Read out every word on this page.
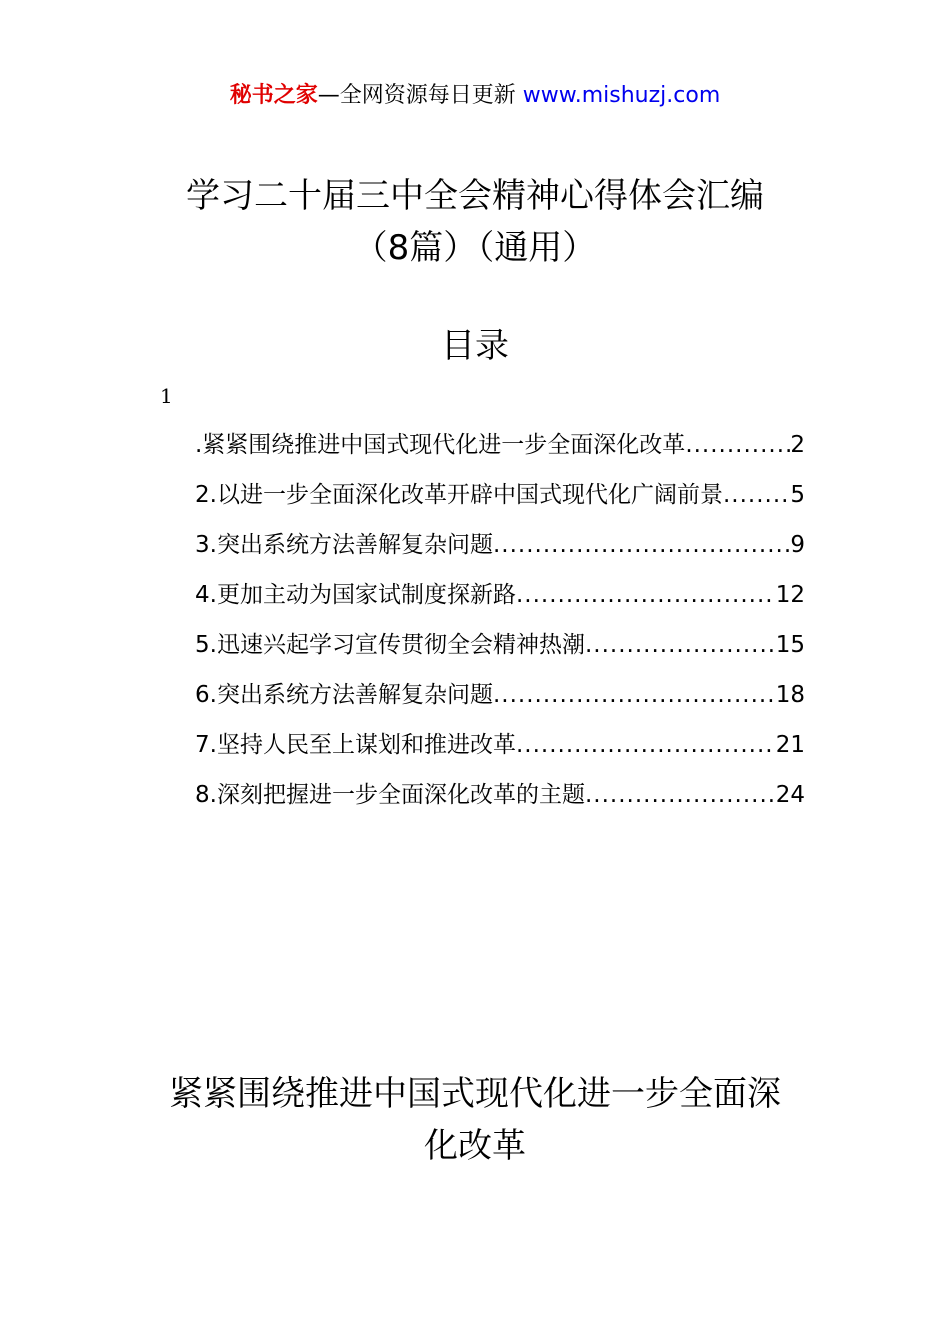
秘书之家—全网资源每日更新 www.mishuzj.com
学习二十届三中全会精神心得体会汇编
（8篇）（通用）
目录
1
.紧紧围绕推进中国式现代化进一步全面深化改革 .....	2
2.以进一步全面深化改革开辟中国式现代化广阔前景 .....	5
3.突出系统方法善解复杂问题 .....	9
4.更加主动为国家试制度探新路 .....	12
5.迅速兴起学习宣传贯彻全会精神热潮 .....	15
6.突出系统方法善解复杂问题 .....	18
7.坚持人民至上谋划和推进改革 .....	21
8.深刻把握进一步全面深化改革的主题 .....	24
紧紧围绕推进中国式现代化进一步全面深
化改革
